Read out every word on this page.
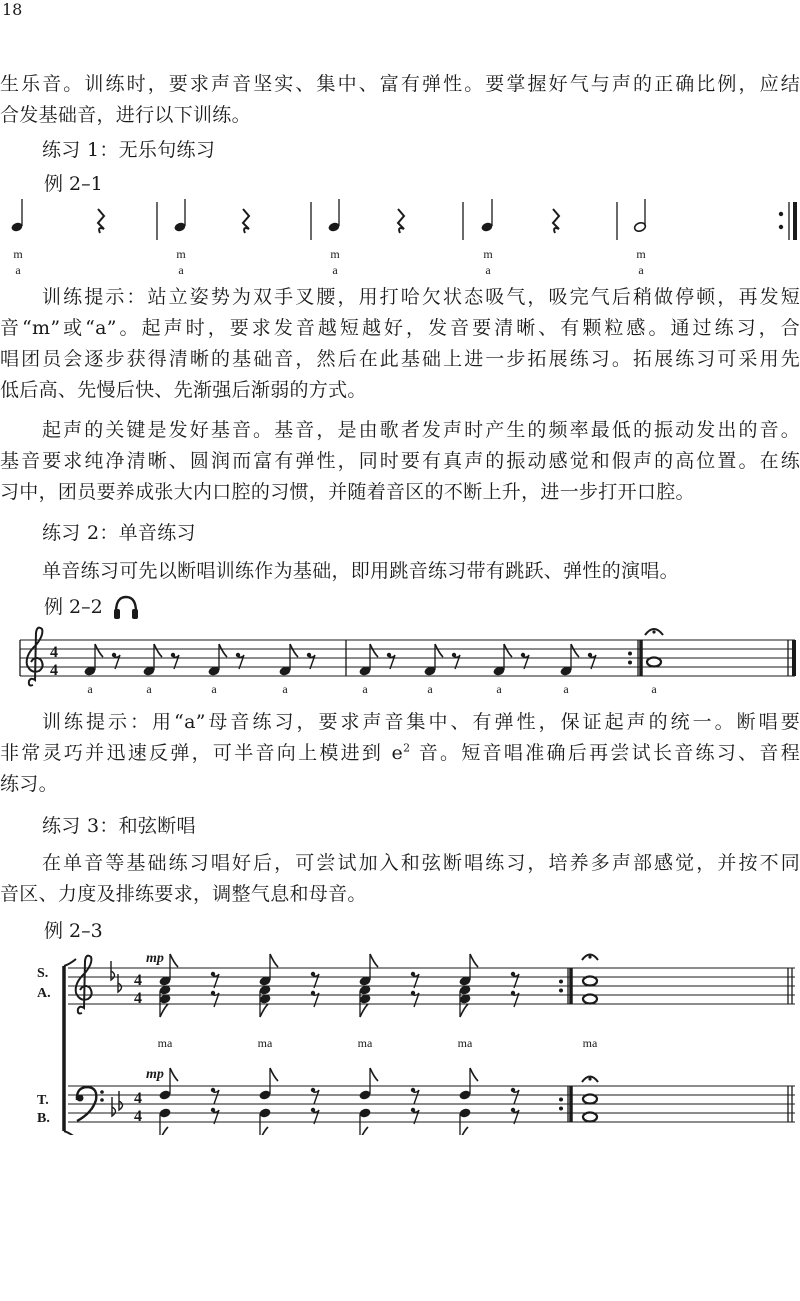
18
生乐音。训练时，要求声音坚实、集中、富有弹性。要掌握好气与声的正确比例，应结
合发基础音，进行以下训练。
练习 1：无乐句练习
例 2–1
m
a
m
a
m
a
m
a
m
a
训练提示：站立姿势为双手叉腰，用打哈欠状态吸气，吸完气后稍做停顿，再发短
音“m”或“a”。起声时，要求发音越短越好，发音要清晰、有颗粒感。通过练习，合
唱团员会逐步获得清晰的基础音，然后在此基础上进一步拓展练习。拓展练习可采用先
低后高、先慢后快、先渐强后渐弱的方式。
起声的关键是发好基音。基音，是由歌者发声时产生的频率最低的振动发出的音。
基音要求纯净清晰、圆润而富有弹性，同时要有真声的振动感觉和假声的高位置。在练
习中，团员要养成张大内口腔的习惯，并随着音区的不断上升，进一步打开口腔。
练习 2：单音练习
单音练习可先以断唱训练作为基础，即用跳音练习带有跳跃、弹性的演唱。
例 2–2
4
4
a	a	a	a	a	a	a	a	a
训练提示：用“a”母音练习，要求声音集中、有弹性，保证起声的统一。断唱要
非常灵巧并迅速反弹，可半音向上模进到 $e^2$ 音。短音唱准确后再尝试长音练习、音程
练习。
练习 3：和弦断唱
在单音等基础练习唱好后，可尝试加入和弦断唱练习，培养多声部感觉，并按不同
音区、力度及排练要求，调整气息和母音。
例 2–3
S.
A.
T.
B.
4
4
4
4
mp
mp
ma	ma	ma	ma	ma
